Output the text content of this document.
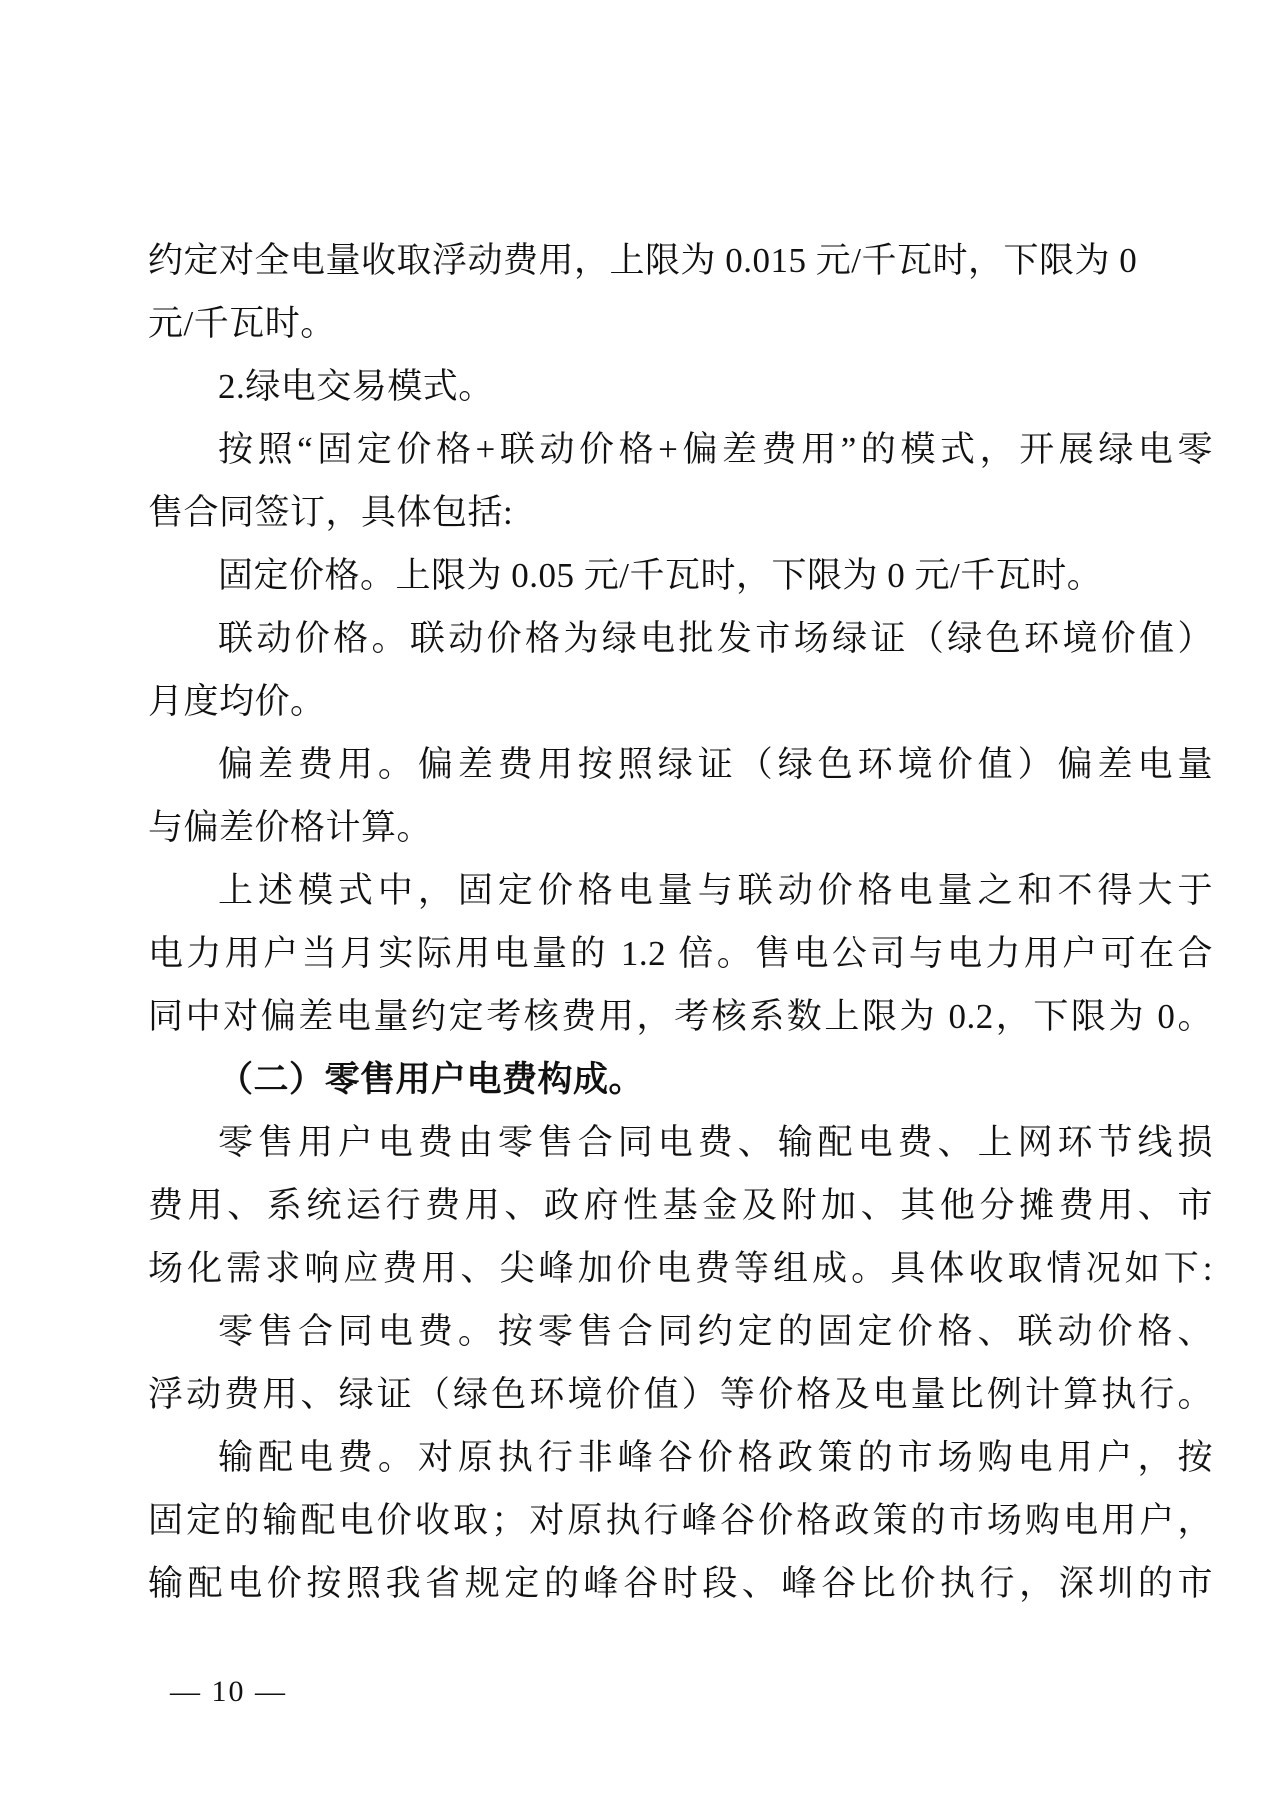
约定对全电量收取浮动费用，上限为 0.015 元/千瓦时，下限为 0
元/千瓦时。
2.绿电交易模式。
按照“固定价格+联动价格+偏差费用”的模式，开展绿电零
售合同签订，具体包括:
固定价格。上限为 0.05 元/千瓦时，下限为 0 元/千瓦时。
联动价格。联动价格为绿电批发市场绿证（绿色环境价值）
月度均价。
偏差费用。偏差费用按照绿证（绿色环境价值）偏差电量
与偏差价格计算。
上述模式中，固定价格电量与联动价格电量之和不得大于
电力用户当月实际用电量的 1.2 倍。售电公司与电力用户可在合
同中对偏差电量约定考核费用，考核系数上限为 0.2，下限为 0。
（二）零售用户电费构成。
零售用户电费由零售合同电费、输配电费、上网环节线损
费用、系统运行费用、政府性基金及附加、其他分摊费用、市
场化需求响应费用、尖峰加价电费等组成。具体收取情况如下:
零售合同电费。按零售合同约定的固定价格、联动价格、
浮动费用、绿证（绿色环境价值）等价格及电量比例计算执行。
输配电费。对原执行非峰谷价格政策的市场购电用户，按
固定的输配电价收取；对原执行峰谷价格政策的市场购电用户，
输配电价按照我省规定的峰谷时段、峰谷比价执行，深圳的市
— 10 —
